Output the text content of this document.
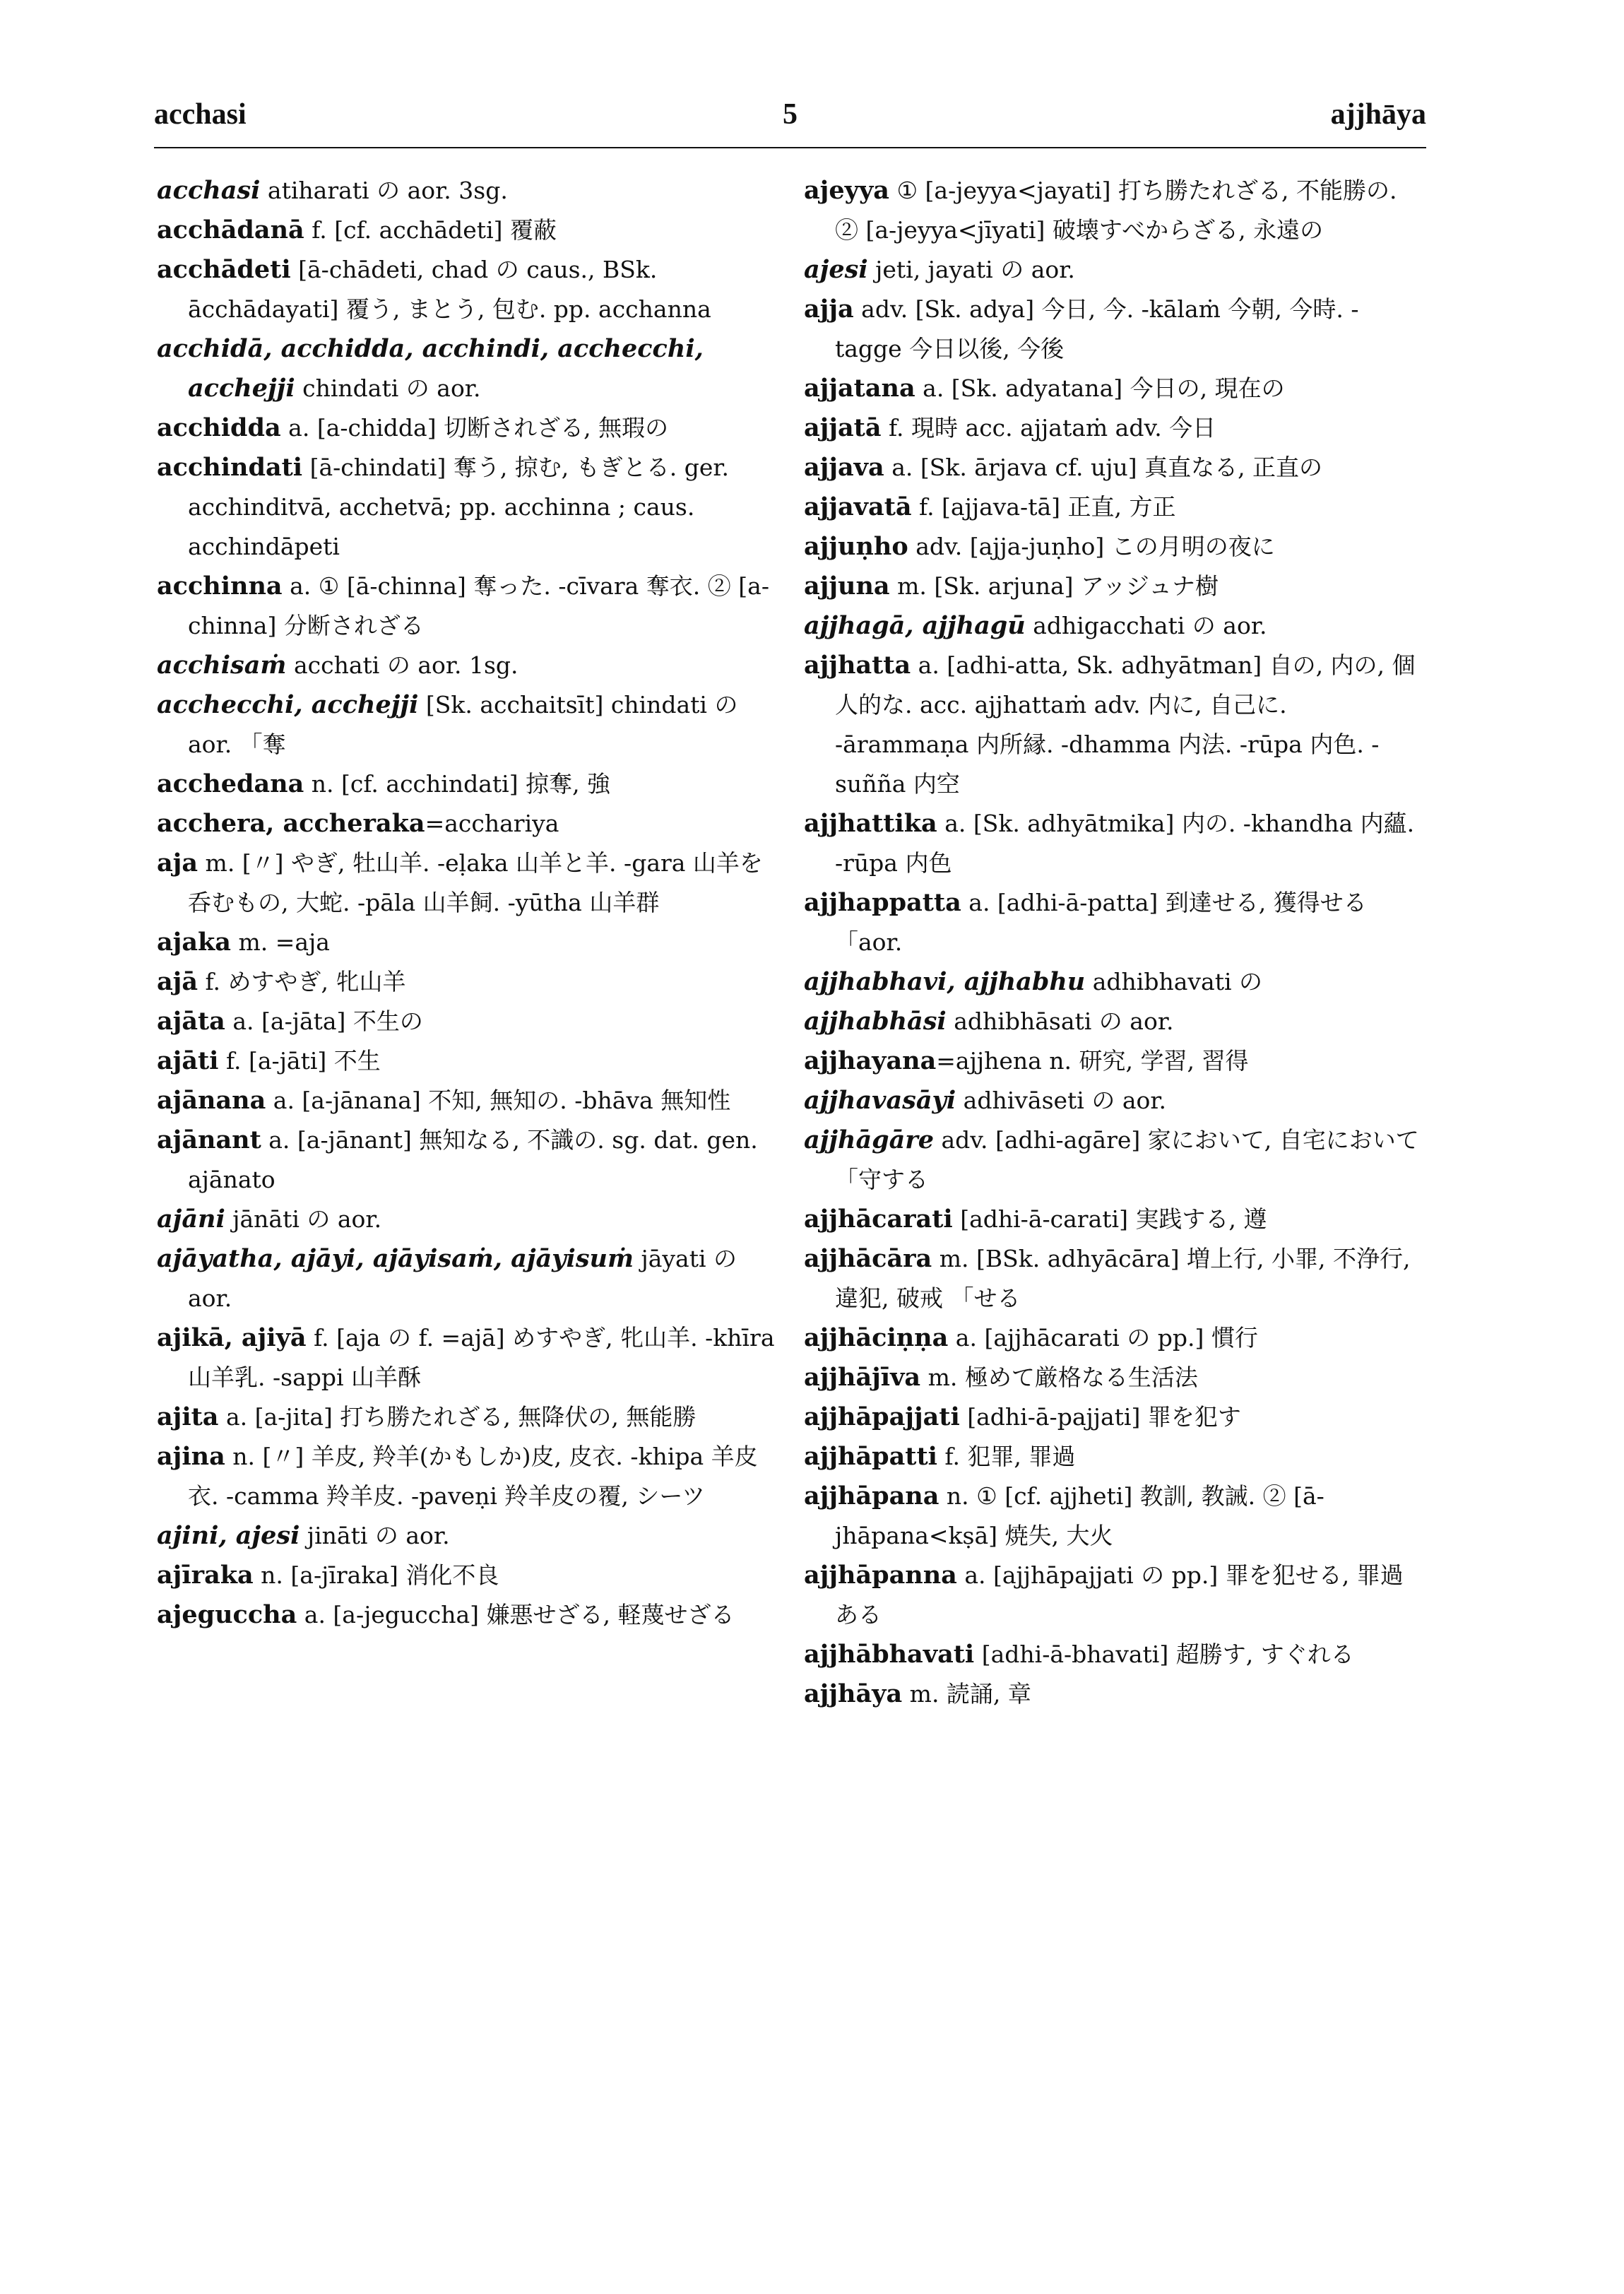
acchasi	5	ajjhāya

acchasi atiharati の aor. 3sg.

acchādanā f. [cf. acchādeti] 覆蔽

acchādeti [ā-chādeti, chad の caus., BSk. ācchādayati] 覆う, まとう, 包む. pp. acchanna

acchidā, acchidda, acchindi, acchecchi, acchejji chindati の aor.

acchidda a. [a-chidda] 切断されざる, 無瑕の

acchindati [ā-chindati] 奪う, 掠む, もぎとる. ger. acchinditvā, acchetvā; pp. acchinna ; caus. acchindāpeti

acchinna a. ① [ā-chinna] 奪った. -cīvara 奪衣. ② [a-chinna] 分断されざる

acchisaṁ acchati の aor. 1sg.

acchecchi, acchejji [Sk. acchaitsīt] chindati の aor. 「奪

acchedana n. [cf. acchindati] 掠奪, 強

acchera, accheraka=acchariya

aja m. [〃] やぎ, 牡山羊. -eḷaka 山羊と羊. -gara 山羊を呑むもの, 大蛇. -pāla 山羊飼. -yūtha 山羊群

ajaka m. =aja

ajā f. めすやぎ, 牝山羊

ajāta a. [a-jāta] 不生の

ajāti f. [a-jāti] 不生

ajānana a. [a-jānana] 不知, 無知の. -bhāva 無知性

ajānant a. [a-jānant] 無知なる, 不識の. sg. dat. gen. ajānato

ajāni jānāti の aor.

ajāyatha, ajāyi, ajāyisaṁ, ajāyisuṁ jāyati の aor.

ajikā, ajiyā f. [aja の f. =ajā] めすやぎ, 牝山羊. -khīra 山羊乳. -sappi 山羊酥

ajita a. [a-jita] 打ち勝たれざる, 無降伏の, 無能勝

ajina n. [〃] 羊皮, 羚羊(かもしか)皮, 皮衣. -khipa 羊皮衣. -camma 羚羊皮. -paveṇi 羚羊皮の覆, シーツ

ajini, ajesi jināti の aor.

ajīraka n. [a-jīraka] 消化不良

ajeguccha a. [a-jeguccha] 嫌悪せざる, 軽蔑せざる

ajeyya ① [a-jeyya<jayati] 打ち勝たれざる, 不能勝の. ② [a-jeyya<jīyati] 破壊すべからざる, 永遠の

ajesi jeti, jayati の aor.

ajja adv. [Sk. adya] 今日, 今. -kālaṁ 今朝, 今時. -tagge 今日以後, 今後

ajjatana a. [Sk. adyatana] 今日の, 現在の

ajjatā f. 現時 acc. ajjataṁ adv. 今日

ajjava a. [Sk. ārjava cf. uju] 真直なる, 正直の

ajjavatā f. [ajjava-tā] 正直, 方正

ajjuṇho adv. [ajja-juṇho] この月明の夜に

ajjuna m. [Sk. arjuna] アッジュナ樹

ajjhagā, ajjhagū adhigacchati の aor.

ajjhatta a. [adhi-atta, Sk. adhyātman] 自の, 内の, 個人的な. acc. ajjhattaṁ adv. 内に, 自己に. -ārammaṇa 内所縁. -dhamma 内法. -rūpa 内色. -suñña 内空

ajjhattika a. [Sk. adhyātmika] 内の. -khandha 内蘊. -rūpa 内色

ajjhappatta a. [adhi-ā-patta] 到達せる, 獲得せる 「aor.

ajjhabhavi, ajjhabhu adhibhavati の

ajjhabhāsi adhibhāsati の aor.

ajjhayana=ajjhena n. 研究, 学習, 習得

ajjhavasāyi adhivāseti の aor.

ajjhāgāre adv. [adhi-agāre] 家において, 自宅において 「守する

ajjhācarati [adhi-ā-carati] 実践する, 遵

ajjhācāra m. [BSk. adhyācāra] 増上行, 小罪, 不浄行, 違犯, 破戒 「せる

ajjhāciṇṇa a. [ajjhācarati の pp.] 慣行

ajjhājīva m. 極めて厳格なる生活法

ajjhāpajjati [adhi-ā-pajjati] 罪を犯す

ajjhāpatti f. 犯罪, 罪過

ajjhāpana n. ① [cf. ajjheti] 教訓, 教誡. ② [ā-jhāpana<kṣā] 焼失, 大火

ajjhāpanna a. [ajjhāpajjati の pp.] 罪を犯せる, 罪過ある

ajjhābhavati [adhi-ā-bhavati] 超勝す, すぐれる

ajjhāya m. 読誦, 章
